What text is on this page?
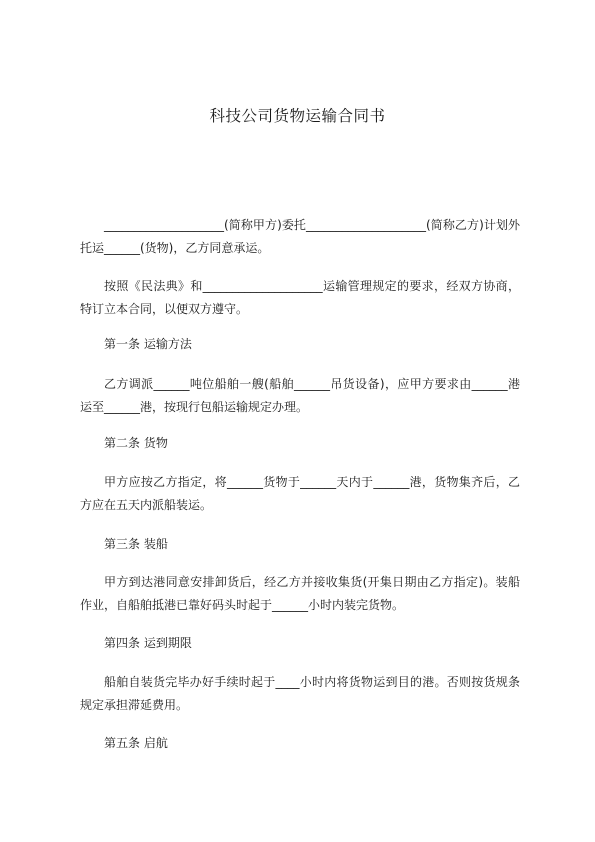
科技公司货物运输合同书

____________________(简称甲方)委托____________________(简称乙方)计划外托运______(货物)，乙方同意承运。

按照《民法典》和____________________运输管理规定的要求，经双方协商，特订立本合同，以便双方遵守。

第一条 运输方法

乙方调派______吨位船舶一艘(船舶______吊货设备)，应甲方要求由______港运至______港，按现行包船运输规定办理。

第二条 货物

甲方应按乙方指定，将______货物于______天内于______港，货物集齐后，乙方应在五天内派船装运。

第三条 装船

甲方到达港同意安排卸货后，经乙方并接收集货(开集日期由乙方指定)。装船作业，自船舶抵港已靠好码头时起于______小时内装完货物。

第四条 运到期限

船舶自装货完毕办好手续时起于____小时内将货物运到目的港。否则按货规条规定承担滞延费用。

第五条 启航
